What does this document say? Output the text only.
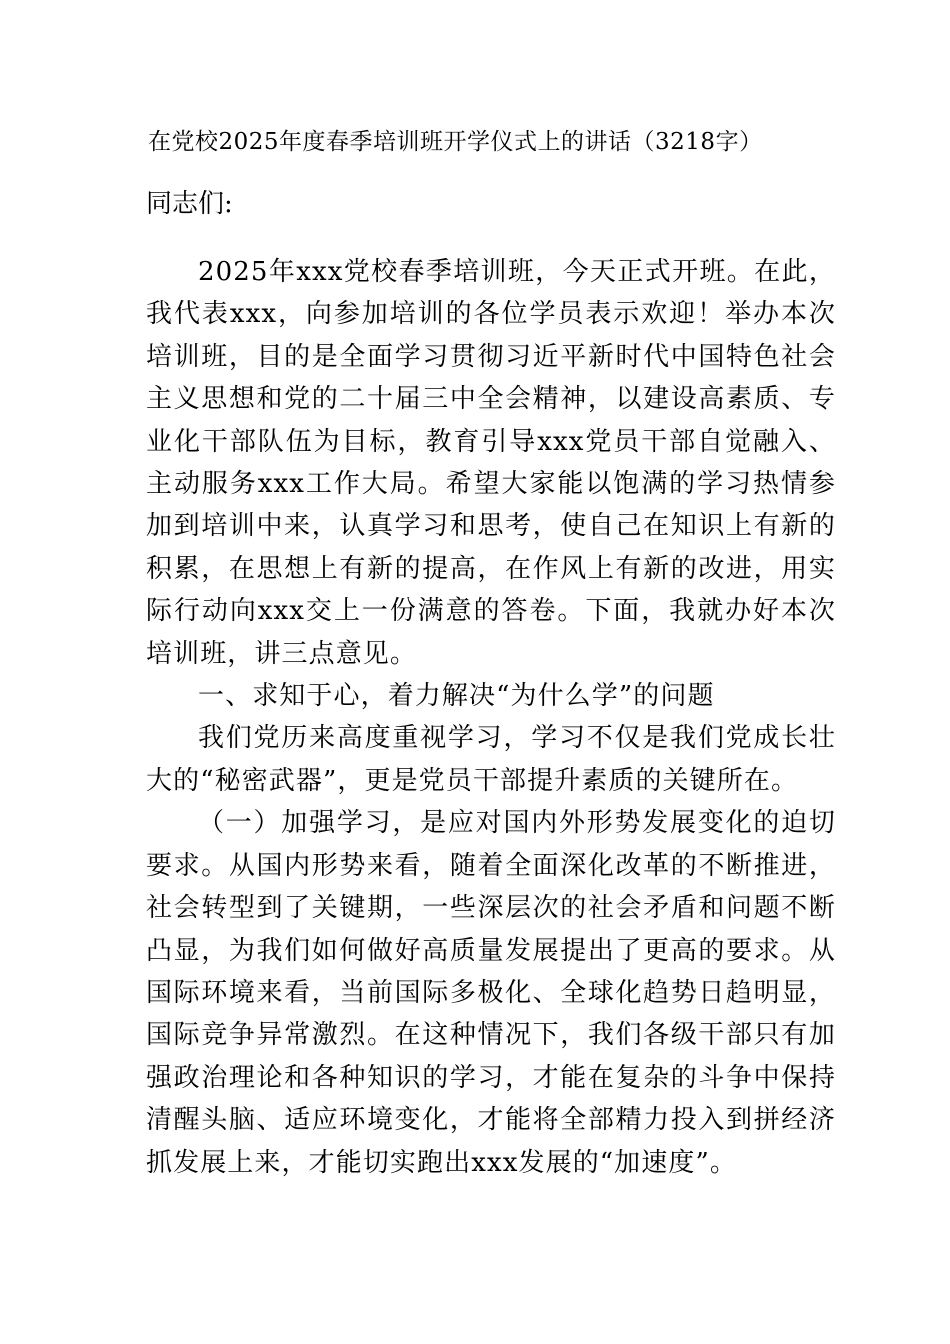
在党校2025年度春季培训班开学仪式上的讲话（3218字）
同志们:

2025年xxx党校春季培训班，今天正式开班。在此，我代表xxx，向参加培训的各位学员表示欢迎！举办本次培训班，目的是全面学习贯彻习近平新时代中国特色社会主义思想和党的二十届三中全会精神，以建设高素质、专业化干部队伍为目标，教育引导xxx党员干部自觉融入、主动服务xxx工作大局。希望大家能以饱满的学习热情参加到培训中来，认真学习和思考，使自己在知识上有新的积累，在思想上有新的提高，在作风上有新的改进，用实际行动向xxx交上一份满意的答卷。下面，我就办好本次培训班，讲三点意见。

一、求知于心，着力解决“为什么学”的问题

我们党历来高度重视学习，学习不仅是我们党成长壮大的“秘密武器”，更是党员干部提升素质的关键所在。

（一）加强学习，是应对国内外形势发展变化的迫切要求。从国内形势来看，随着全面深化改革的不断推进，社会转型到了关键期，一些深层次的社会矛盾和问题不断凸显，为我们如何做好高质量发展提出了更高的要求。从国际环境来看，当前国际多极化、全球化趋势日趋明显，国际竞争异常激烈。在这种情况下，我们各级干部只有加强政治理论和各种知识的学习，才能在复杂的斗争中保持清醒头脑、适应环境变化，才能将全部精力投入到拼经济抓发展上来，才能切实跑出xxx发展的“加速度”。
